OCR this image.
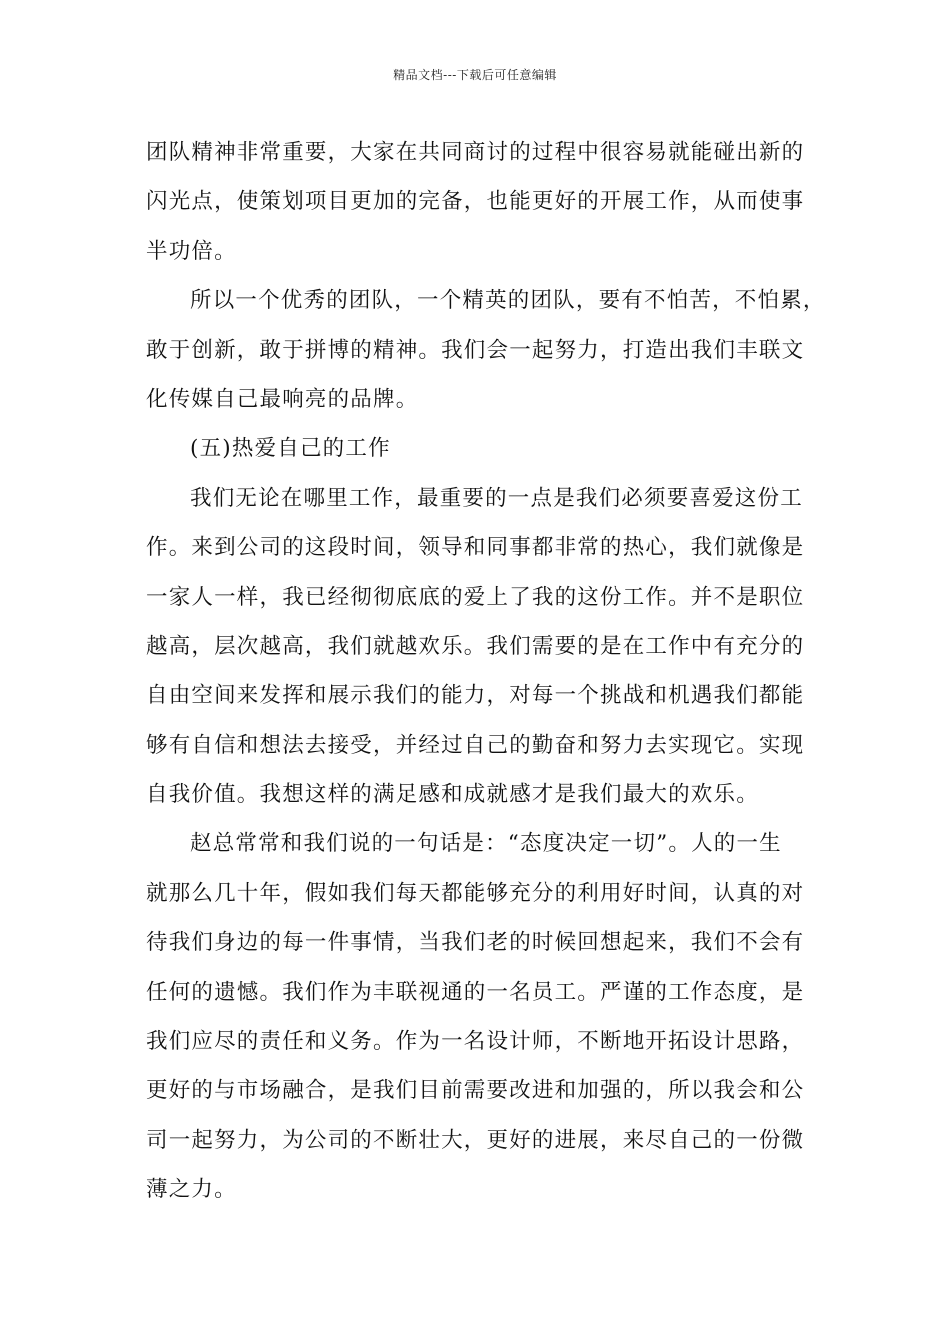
精品文档---下载后可任意编辑
团队精神非常重要，大家在共同商讨的过程中很容易就能碰出新的
闪光点，使策划项目更加的完备，也能更好的开展工作，从而使事
半功倍。
所以一个优秀的团队，一个精英的团队，要有不怕苦，不怕累，
敢于创新，敢于拼博的精神。我们会一起努力，打造出我们丰联文
化传媒自己最响亮的品牌。
(五)热爱自己的工作
我们无论在哪里工作，最重要的一点是我们必须要喜爱这份工
作。来到公司的这段时间，领导和同事都非常的热心，我们就像是
一家人一样，我已经彻彻底底的爱上了我的这份工作。并不是职位
越高，层次越高，我们就越欢乐。我们需要的是在工作中有充分的
自由空间来发挥和展示我们的能力，对每一个挑战和机遇我们都能
够有自信和想法去接受，并经过自己的勤奋和努力去实现它。实现
自我价值。我想这样的满足感和成就感才是我们最大的欢乐。
赵总常常和我们说的一句话是：“态度决定一切”。人的一生
就那么几十年，假如我们每天都能够充分的利用好时间，认真的对
待我们身边的每一件事情，当我们老的时候回想起来，我们不会有
任何的遗憾。我们作为丰联视通的一名员工。严谨的工作态度，是
我们应尽的责任和义务。作为一名设计师，不断地开拓设计思路，
更好的与市场融合，是我们目前需要改进和加强的，所以我会和公
司一起努力，为公司的不断壮大，更好的进展，来尽自己的一份微
薄之力。
